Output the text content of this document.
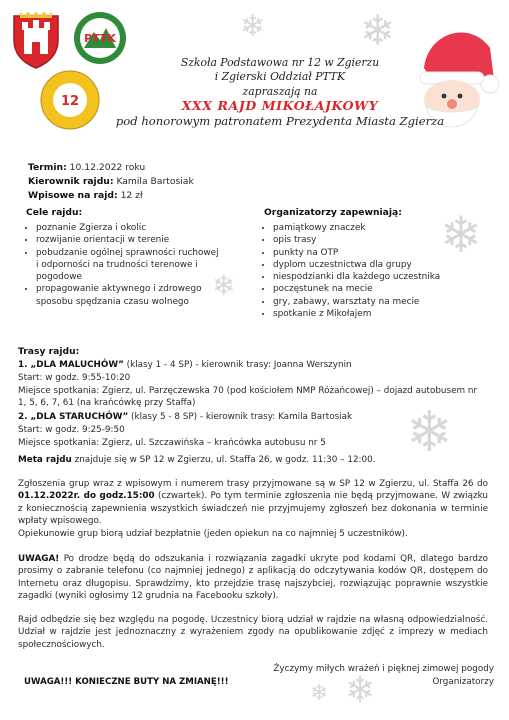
❄ ❄
❄
❄
❄
❄
❄
PTTK
12
Szkoła Podstawowa nr 12 w Zgierzu
i Zgierski Oddział PTTK
zapraszają na
XXX RAJD MIKOŁAJKOWY
pod honorowym patronatem Prezydenta Miasta Zgierza
Termin: 10.12.2022 roku
Kierownik rajdu: Kamila Bartosiak
Wpisowe na rajd: 12 zł
Cele rajdu:
• poznanie Zgierza i okolic
• rozwijanie orientacji w terenie
• pobudzanie ogólnej sprawności ruchowej i odporności na trudności terenowe i pogodowe
• propagowanie aktywnego i zdrowego sposobu spędzania czasu wolnego
Organizatorzy zapewniają:
• pamiątkowy znaczek
• opis trasy
• punkty na OTP
• dyplom uczestnictwa dla grupy
• niespodzianki dla każdego uczestnika
• poczęstunek na mecie
• gry, zabawy, warsztaty na mecie
• spotkanie z Mikołajem
Trasy rajdu:
1. „DLA MALUCHÓW” (klasy 1 - 4 SP) - kierownik trasy: Joanna Werszynin
Start: w godz. 9:55-10:20
Miejsce spotkania: Zgierz, ul. Parzęczewska 70 (pod kościołem NMP Różańcowej) – dojazd autobusem nr 1, 5, 6, 7, 61 (na krańcówkę przy Staffa)
2. „DLA STARUCHÓW” (klasy 5 - 8 SP) - kierownik trasy: Kamila Bartosiak
Start: w godz. 9:25-9:50
Miejsce spotkania: Zgierz, ul. Szczawińska – krańcówka autobusu nr 5
Meta rajdu znajduje się w SP 12 w Zgierzu, ul. Staffa 26, w godz. 11:30 – 12:00.
Zgłoszenia grup wraz z wpisowym i numerem trasy przyjmowane są w SP 12 w Zgierzu, ul. Staffa 26 do 01.12.2022r. do godz.15:00 (czwartek). Po tym terminie zgłoszenia nie będą przyjmowane. W związku z koniecznością zapewnienia wszystkich świadczeń nie przyjmujemy zgłoszeń bez dokonania w terminie wpłaty wpisowego.
Opiekunowie grup biorą udział bezpłatnie (jeden opiekun na co najmniej 5 uczestników).
UWAGA! Po drodze będą do odszukania i rozwiązania zagadki ukryte pod kodami QR, dlatego bardzo prosimy o zabranie telefonu (co najmniej jednego) z aplikacją do odczytywania kodów QR, dostępem do Internetu oraz długopisu. Sprawdzimy, kto przejdzie trasę najszybciej, rozwiązując poprawnie wszystkie zagadki (wyniki ogłosimy 12 grudnia na Facebooku szkoły).
Rajd odbędzie się bez względu na pogodę. Uczestnicy biorą udział w rajdzie na własną odpowiedzialność. Udział w rajdzie jest jednoznaczny z wyrażeniem zgody na opublikowanie zdjęć z imprezy w mediach społecznościowych.
Życzymy miłych wrażeń i pięknej zimowej pogody
Organizatorzy
UWAGA!!! KONIECZNE BUTY NA ZMIANĘ!!!
